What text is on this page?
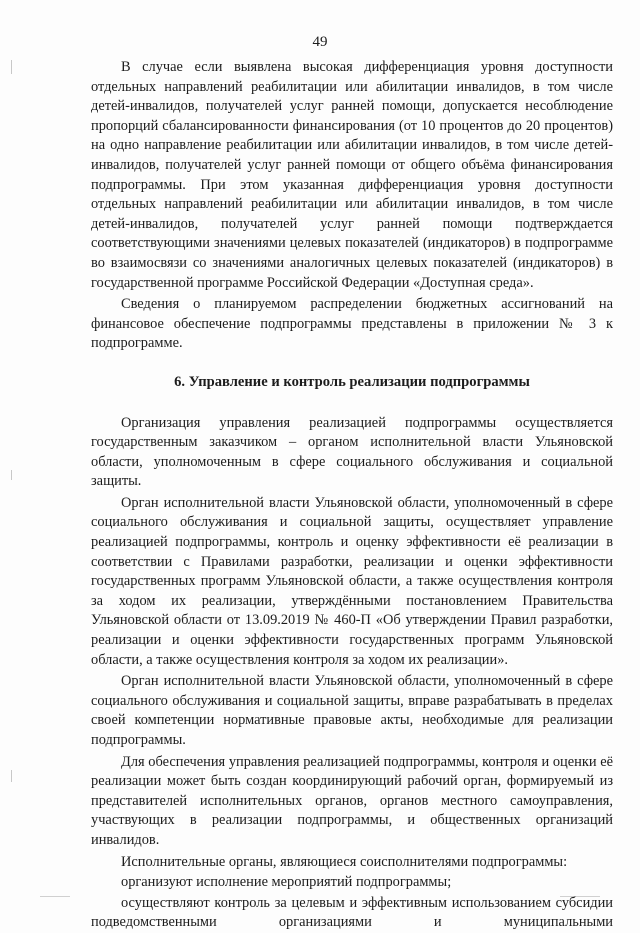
49

В случае если выявлена высокая дифференциация уровня доступности отдельных направлений реабилитации или абилитации инвалидов, в том числе детей-инвалидов, получателей услуг ранней помощи, допускается несоблюдение пропорций сбалансированности финансирования (от 10 процентов до 20 процентов) на одно направление реабилитации или абилитации инвалидов, в том числе детей-инвалидов, получателей услуг ранней помощи от общего объёма финансирования подпрограммы. При этом указанная дифференциация уровня доступности отдельных направлений реабилитации или абилитации инвалидов, в том числе детей-инвалидов, получателей услуг ранней помощи подтверждается соответствующими значениями целевых показателей (индикаторов) в подпрограмме во взаимосвязи со значениями аналогичных целевых показателей (индикаторов) в государственной программе Российской Федерации «Доступная среда».

Сведения о планируемом распределении бюджетных ассигнований на финансовое обеспечение подпрограммы представлены в приложении № 3 к подпрограмме.

6. Управление и контроль реализации подпрограммы

Организация управления реализацией подпрограммы осуществляется государственным заказчиком – органом исполнительной власти Ульяновской области, уполномоченным в сфере социального обслуживания и социальной защиты.

Орган исполнительной власти Ульяновской области, уполномоченный в сфере социального обслуживания и социальной защиты, осуществляет управление реализацией подпрограммы, контроль и оценку эффективности её реализации в соответствии с Правилами разработки, реализации и оценки эффективности государственных программ Ульяновской области, а также осуществления контроля за ходом их реализации, утверждёнными постановлением Правительства Ульяновской области от 13.09.2019 № 460-П «Об утверждении Правил разработки, реализации и оценки эффективности государственных программ Ульяновской области, а также осуществления контроля за ходом их реализации».

Орган исполнительной власти Ульяновской области, уполномоченный в сфере социального обслуживания и социальной защиты, вправе разрабатывать в пределах своей компетенции нормативные правовые акты, необходимые для реализации подпрограммы.

Для обеспечения управления реализацией подпрограммы, контроля и оценки её реализации может быть создан координирующий рабочий орган, формируемый из представителей исполнительных органов, органов местного самоуправления, участвующих в реализации подпрограммы, и общественных организаций инвалидов.

Исполнительные органы, являющиеся соисполнителями подпрограммы:

организуют исполнение мероприятий подпрограммы;

осуществляют контроль за целевым и эффективным использованием субсидии подведомственными организациями и муниципальными
